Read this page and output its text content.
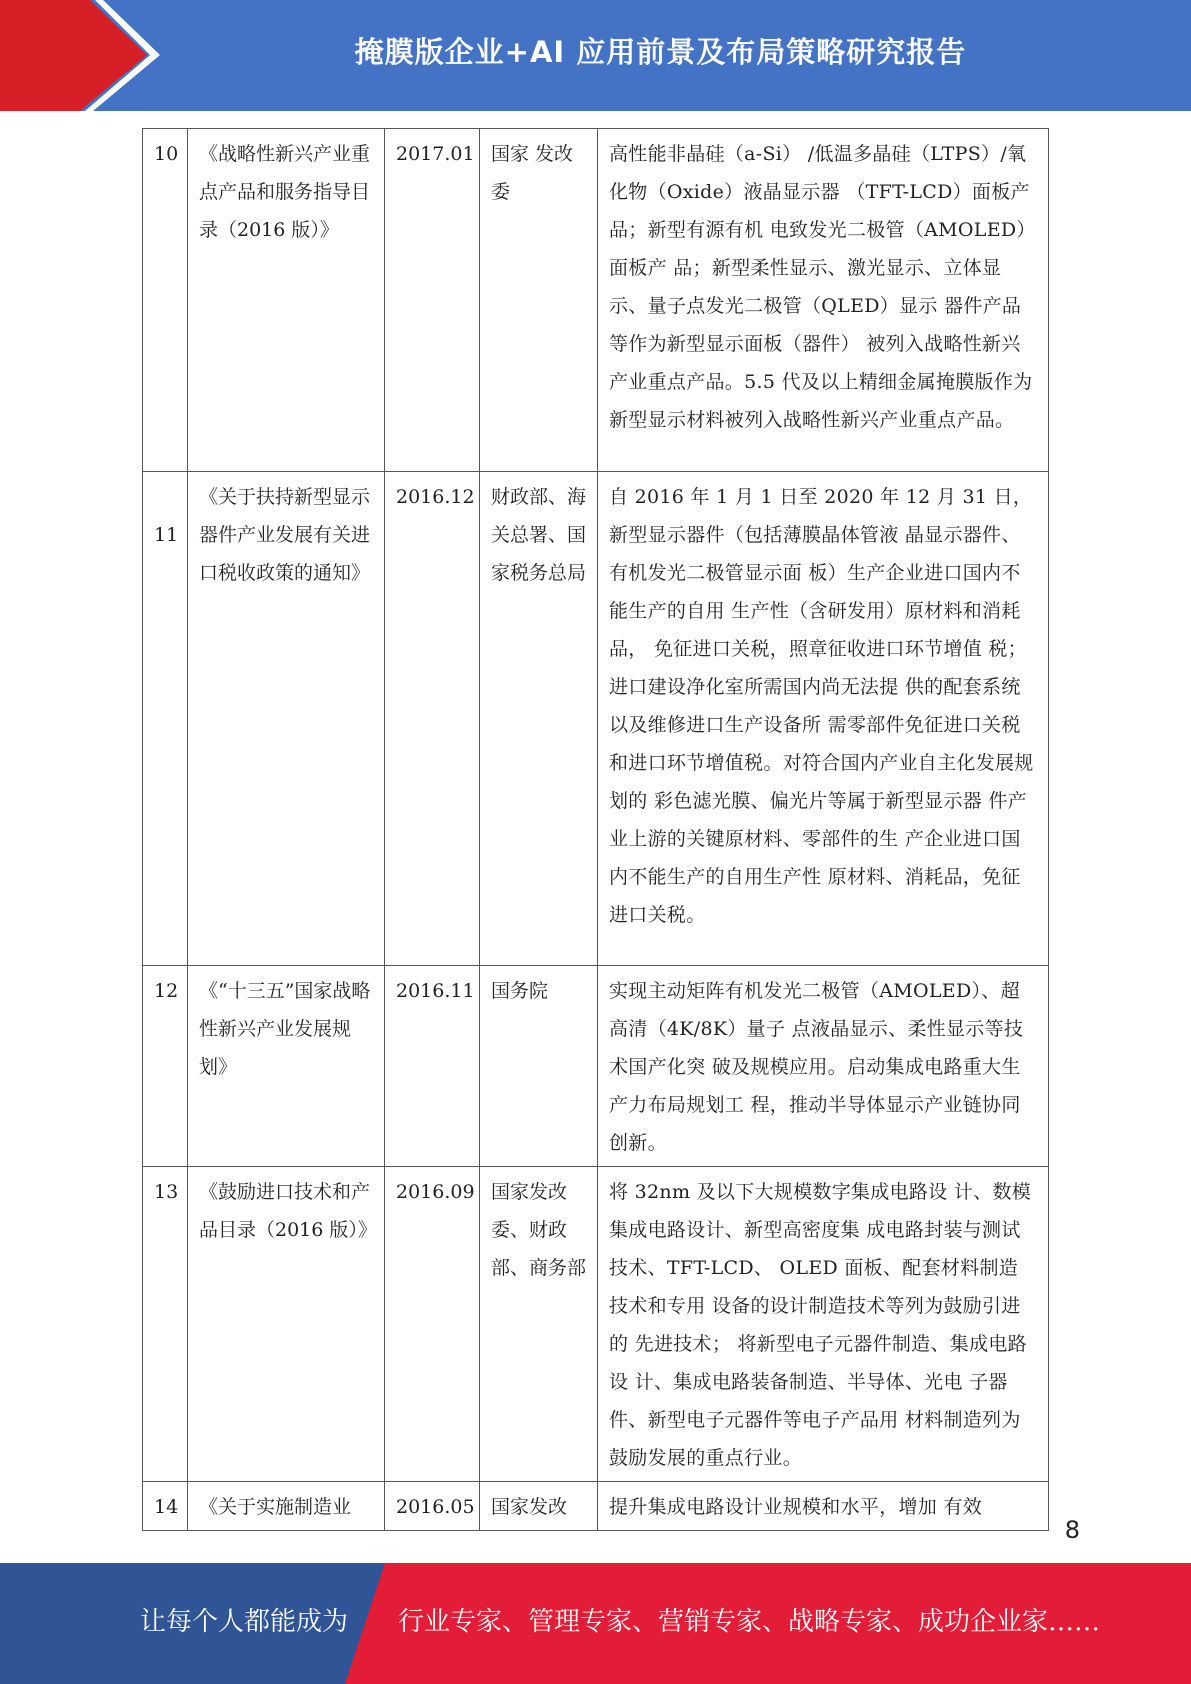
掩膜版企业+AI 应用前景及布局策略研究报告
10	《战略性新兴产业重点产品和服务指导目录（2016 版）》	2017.01	国家 发改委	高性能非晶硅（a-Si） /低温多晶硅（LTPS）/氧化物（Oxide）液晶显示器 （TFT-LCD）面板产品；新型有源有机 电致发光二极管（AMOLED）面板产 品；新型柔性显示、激光显示、立体显 示、量子点发光二极管（QLED）显示 器件产品等作为新型显示面板（器件） 被列入战略性新兴产业重点产品。5.5 代及以上精细金属掩膜版作为新型显示材料被列入战略性新兴产业重点产品。

11	《关于扶持新型显示器件产业发展有关进口税收政策的通知》	2016.12	财政部、海关总署、国家税务总局	自 2016 年 1 月 1 日至 2020 年 12 月 31 日，新型显示器件（包括薄膜晶体管液 晶显示器件、有机发光二极管显示面 板）生产企业进口国内不能生产的自用 生产性（含研发用）原材料和消耗品， 免征进口关税，照章征收进口环节增值 税；进口建设净化室所需国内尚无法提 供的配套系统以及维修进口生产设备所 需零部件免征进口关税和进口环节增值税。对符合国内产业自主化发展规划的 彩色滤光膜、偏光片等属于新型显示器 件产业上游的关键原材料、零部件的生 产企业进口国内不能生产的自用生产性 原材料、消耗品，免征进口关税。
12	《“十三五”国家战略性新兴产业发展规划》	2016.11	国务院	实现主动矩阵有机发光二极管（AMOLED）、超高清（4K/8K）量子 点液晶显示、柔性显示等技术国产化突 破及规模应用。启动集成电路重大生产力布局规划工 程，推动半导体显示产业链协同创新。
13	《鼓励进口技术和产品目录（2016 版）》	2016.09	国家发改委、财政部、商务部	将 32nm 及以下大规模数字集成电路设 计、数模集成电路设计、新型高密度集 成电路封装与测试技术、TFT-LCD、 OLED 面板、配套材料制造技术和专用 设备的设计制造技术等列为鼓励引进的 先进技术； 将新型电子元器件制造、集成电路设 计、集成电路装备制造、半导体、光电 子器件、新型电子元器件等电子产品用 材料制造列为鼓励发展的重点行业。
14	《关于实施制造业	2016.05	国家发改	提升集成电路设计业规模和水平，增加 有效
8
让每个人都能成为 行业专家、管理专家、营销专家、战略专家、成功企业家……
